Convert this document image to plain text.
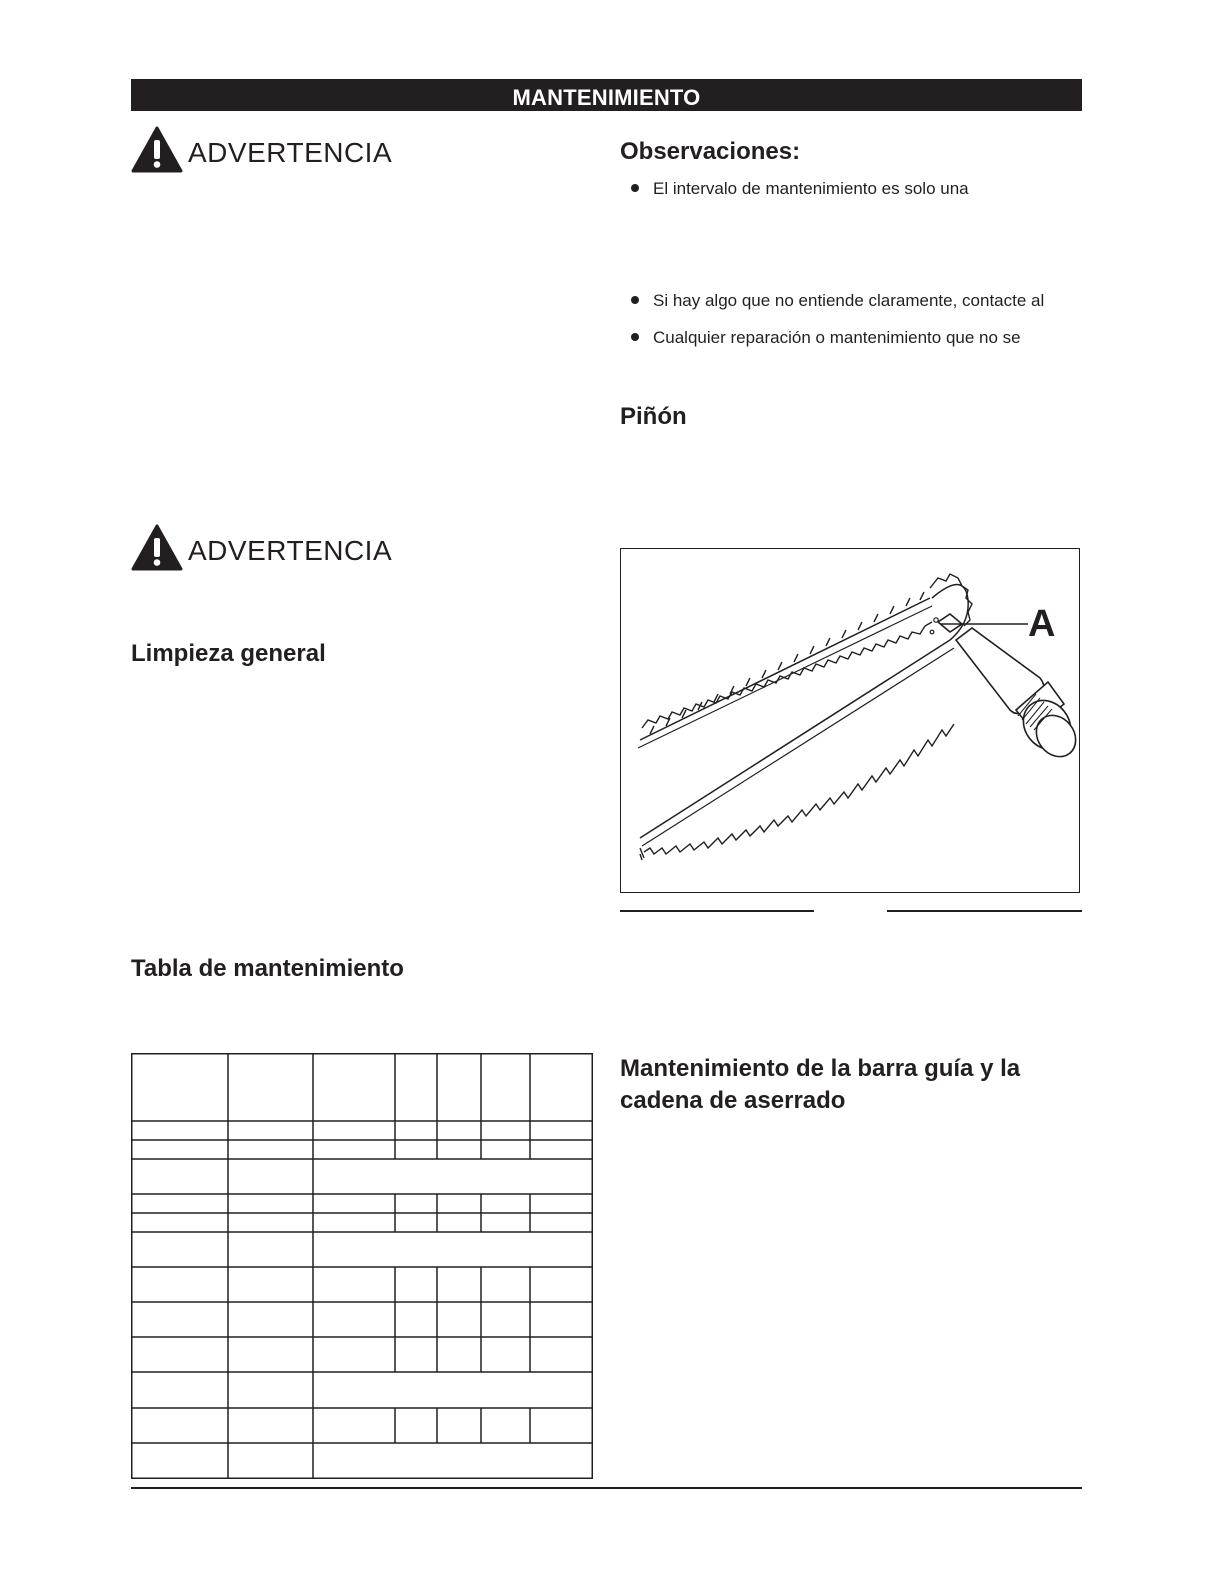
MANTENIMIENTO
ADVERTENCIA
ADVERTENCIA
Limpieza general
Tabla de mantenimiento
Observaciones:
El intervalo de mantenimiento es solo una
Si hay algo que no entiende claramente, contacte al
Cualquier reparación o mantenimiento que no se
Piñón
A
Mantenimiento de la barra guía y la
cadena de aserrado
